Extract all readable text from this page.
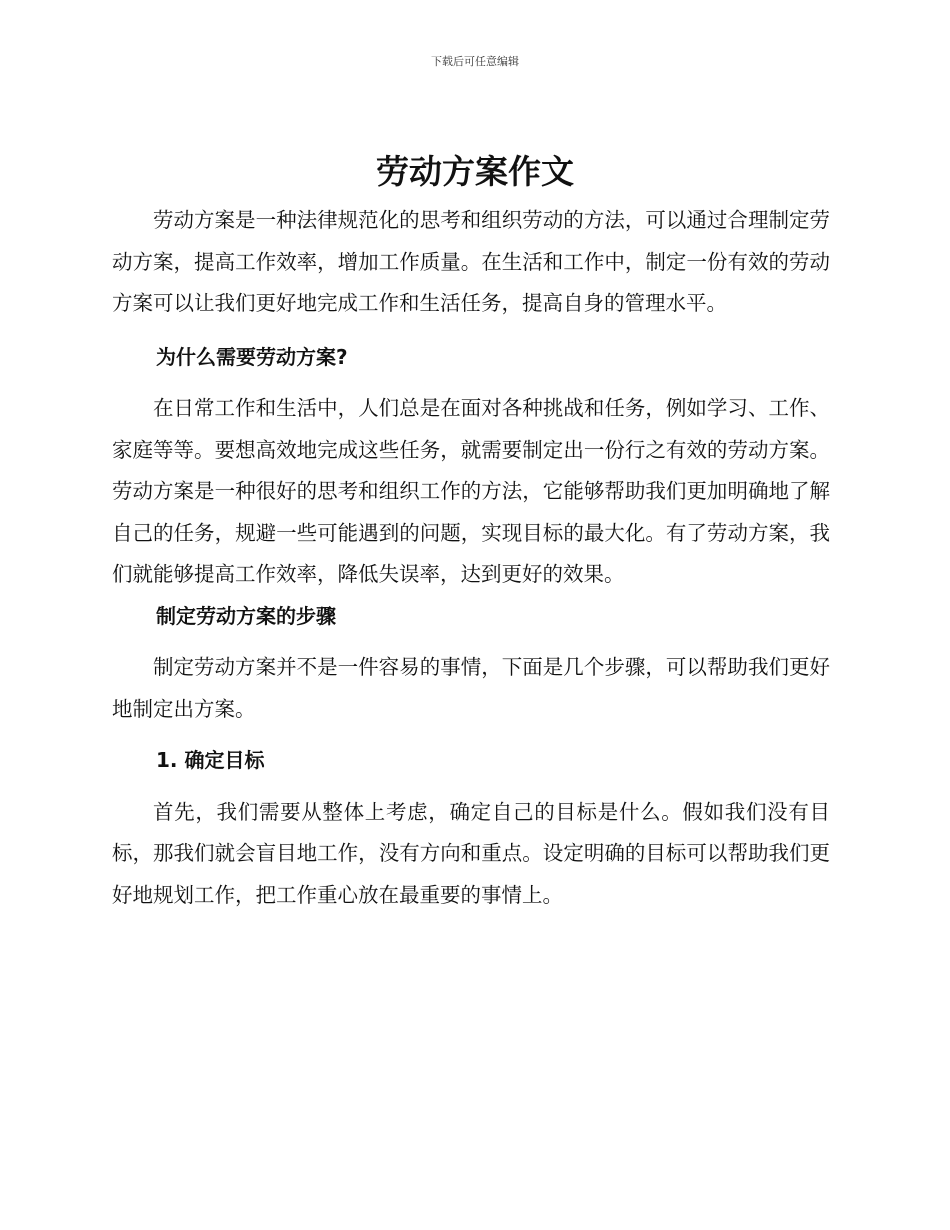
下载后可任意编辑
劳动方案作文

劳动方案是一种法律规范化的思考和组织劳动的方法，可以通过合理制定劳动方案，提高工作效率，增加工作质量。在生活和工作中，制定一份有效的劳动方案可以让我们更好地完成工作和生活任务，提高自身的管理水平。

为什么需要劳动方案?

在日常工作和生活中，人们总是在面对各种挑战和任务，例如学习、工作、家庭等等。要想高效地完成这些任务，就需要制定出一份行之有效的劳动方案。劳动方案是一种很好的思考和组织工作的方法，它能够帮助我们更加明确地了解自己的任务，规避一些可能遇到的问题，实现目标的最大化。有了劳动方案，我们就能够提高工作效率，降低失误率，达到更好的效果。

制定劳动方案的步骤

制定劳动方案并不是一件容易的事情，下面是几个步骤，可以帮助我们更好地制定出方案。

1. 确定目标

首先，我们需要从整体上考虑，确定自己的目标是什么。假如我们没有目标，那我们就会盲目地工作，没有方向和重点。设定明确的目标可以帮助我们更好地规划工作，把工作重心放在最重要的事情上。
